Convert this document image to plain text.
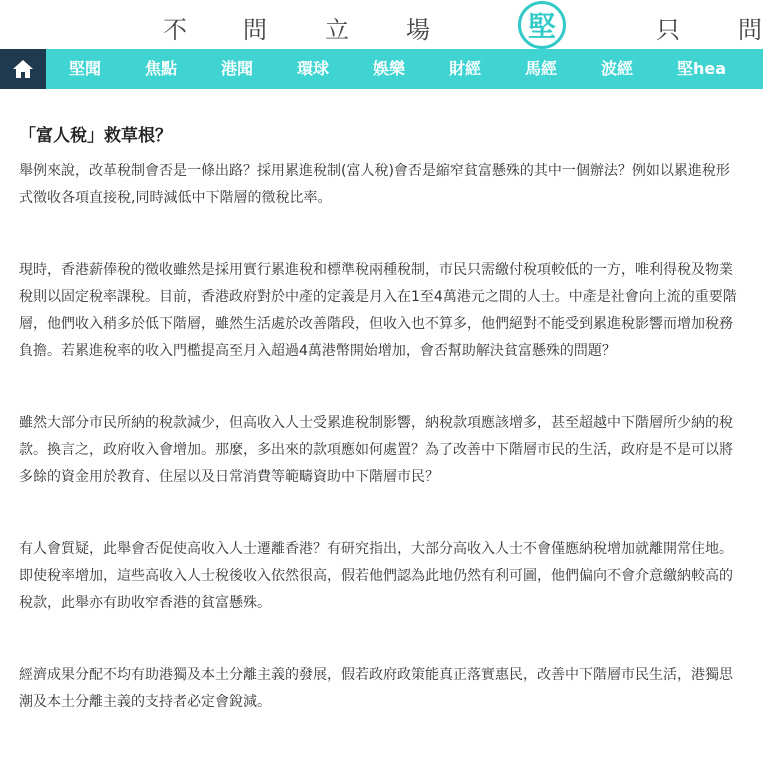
不 問 立 場	堅	只 問
堅聞	焦點	港聞	環球	娛樂	財經	馬經	波經	堅hea
「富人稅」救草根？

舉例來說，改革稅制會否是一條出路？採用累進稅制(富人稅)會否是縮窄貧富懸殊的其中一個辦法？例如以累進稅形式徵收各項直接稅,同時減低中下階層的徵稅比率。

現時，香港薪俸稅的徵收雖然是採用實行累進稅和標準稅兩種稅制，市民只需繳付稅項較低的一方，唯利得稅及物業稅則以固定稅率課稅。目前，香港政府對於中產的定義是月入在1至4萬港元之間的人士。中產是社會向上流的重要階層，他們收入稍多於低下階層，雖然生活處於改善階段，但收入也不算多，他們絕對不能受到累進稅影響而增加稅務負擔。若累進稅率的收入門檻提高至月入超過4萬港幣開始增加，會否幫助解決貧富懸殊的問題？

雖然大部分市民所納的稅款減少，但高收入人士受累進稅制影響，納稅款項應該增多，甚至超越中下階層所少納的稅款。換言之，政府收入會增加。那麼，多出來的款項應如何處置？為了改善中下階層市民的生活，政府是不是可以將多餘的資金用於教育、住屋以及日常消費等範疇資助中下階層市民？

有人會質疑，此舉會否促使高收入人士遷離香港？有研究指出，大部分高收入人士不會僅應納稅增加就離開常住地。即使稅率增加，這些高收入人士稅後收入依然很高，假若他們認為此地仍然有利可圖，他們偏向不會介意繳納較高的稅款，此舉亦有助收窄香港的貧富懸殊。

經濟成果分配不均有助港獨及本土分離主義的發展，假若政府政策能真正落實惠民，改善中下階層市民生活，港獨思潮及本土分離主義的支持者必定會銳減。
